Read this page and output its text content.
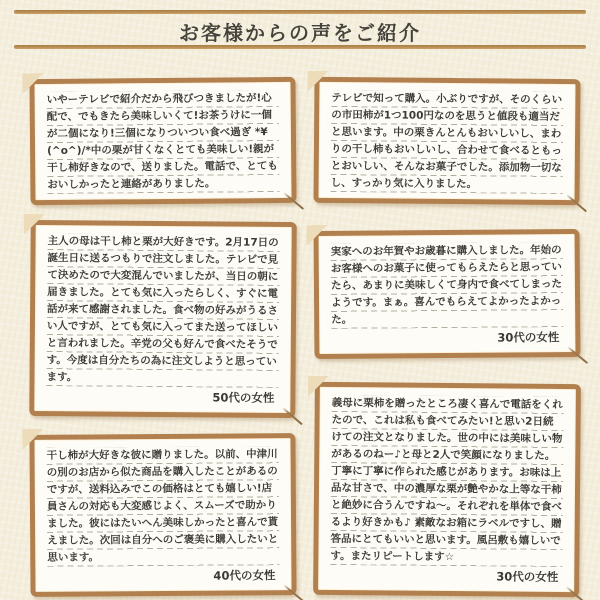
お客様からの声をご紹介

いやーテレビで紹介だから飛びつきましたが!心配で、でもきたら美味しいくて!お茶うけに一個が二個になり!三個になりついつい食べ過ぎ *¥(^o^)/*中の栗が甘くなくとても美味しい!親が干し柿好きなので、送りました。電話で、とてもおいしかったと連絡がありました。

主人の母は干し柿と栗が大好きです。2月17日の誕生日に送るつもりで注文しました。テレビで見て決めたので大変混んでいましたが、当日の朝に届きました。とても気に入ったらしく、すぐに電話が来て感謝されました。食べ物の好みがうるさい人ですが、とても気に入ってまた送ってほしいと言われました。辛党の父も好んで食べたそうです。今度は自分たちの為に注文しようと思っています。

50代の女性

干し柿が大好きな彼に贈りました。以前、中津川の別のお店から似た商品を購入したことがあるのですが、送料込みでこの価格はとても嬉しい!店員さんの対応も大変感じよく、スムーズで助かりました。彼にはたいへん美味しかったと喜んで貰えました。次回は自分へのご褒美に購入したいと思います。

40代の女性

テレビで知って購入。小ぶりですが、そのくらいの市田柿が1つ100円なのを思うと値段も適当だと思います。中の栗きんとんもおいしいし、まわりの干し柿もおいしいし、合わせて食べるともっとおいしい、そんなお菓子でした。添加物一切なし、すっかり気に入りました。

実家へのお年賀やお歳暮に購入しました。年始のお客様へのお菓子に使ってもらえたらと思っていたら、あまりに美味しくて身内で食べてしまったようです。まぁ。喜んでもらえてよかったよかった。

30代の女性

義母に栗柿を贈ったところ凄く喜んで電話をくれたので、これは私も食べてみたい!と思い2日続けての注文となりました。世の中には美味しい物があるのねー♪と母と2人で笑顔になりました。丁寧に丁寧に作られた感じがあります。お味は上品な甘さで、中の濃厚な栗が艶やかな上等な干柿と絶妙に合うんですね〜。それぞれを単体で食べるより好きかも♪ 素敵なお箱にラベルですし、贈答品にとてもいいと思います。風呂敷も嬉しいです。またリピートします☆

30代の女性
